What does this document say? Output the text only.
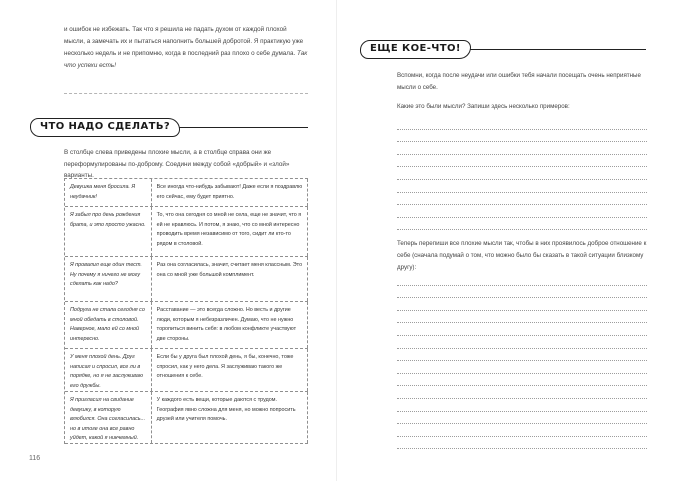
и ошибок не избежать. Так что я решила не падать духом от каждой плохой мысли, а замечать их и пытаться наполнить большей добротой. Я практикую уже несколько недель и не припомню, когда в последний раз плохо о себе думала. Так что успехи есть!
ЧТО НАДО СДЕЛАТЬ?
В столбце слева приведены плохие мысли, а в столбце справа они же переформулированы по-доброму. Соедини между собой «добрый» и «злой» варианты.
Девушка меня бросила. Я неудачник!
Все иногда что-нибудь забывают! Даже если я поздравлю его сейчас, ему будет приятно.
Я забыл про день рождения брата, и это просто ужасно.
То, что она сегодня со мной не села, еще не значит, что я ей не нравлюсь. И потом, я знаю, что со мной интересно проводить время независимо от того, сидит ли кто-то рядом в столовой.
Я провалил еще один тест. Ну почему я ничего не могу сделать как надо?
Раз она согласилась, значит, считает меня классным. Это она со мной уже большой комплимент.
Подруга не стала сегодня со мной обедать в столовой. Наверное, мало ей со мной интересно.
Расставание — это всегда сложно. Но весть и другие люди, которым я небезразличен. Думаю, что не нужно торопиться винить себя: в любом конфликте участвуют две стороны.
У меня плохой день. Друг написал и спросил, все ли в порядке, но я не заслуживаю его дружбы.
Если бы у друга был плохой день, я бы, конечно, тоже спросил, как у него дела. Я заслуживаю такого же отношения к себе.
Я пригласил на свидание девушку, в которую влюбился. Она согласилась... но в итоге она все равно уйдет, какой я никчемный.
У каждого есть вещи, которые даются с трудом. География явно сложна для меня, но можно попросить друзей или учителя помочь.
116
ЕЩЕ КОЕ-ЧТО!
Вспомни, когда после неудачи или ошибки тебя начали посещать очень неприятные мысли о себе.
Какие это были мысли? Запиши здесь несколько примеров:
Теперь перепиши все плохие мысли так, чтобы в них проявилось доброе отношение к себе (сначала подумай о том, что можно было бы сказать в такой ситуации близкому другу):
